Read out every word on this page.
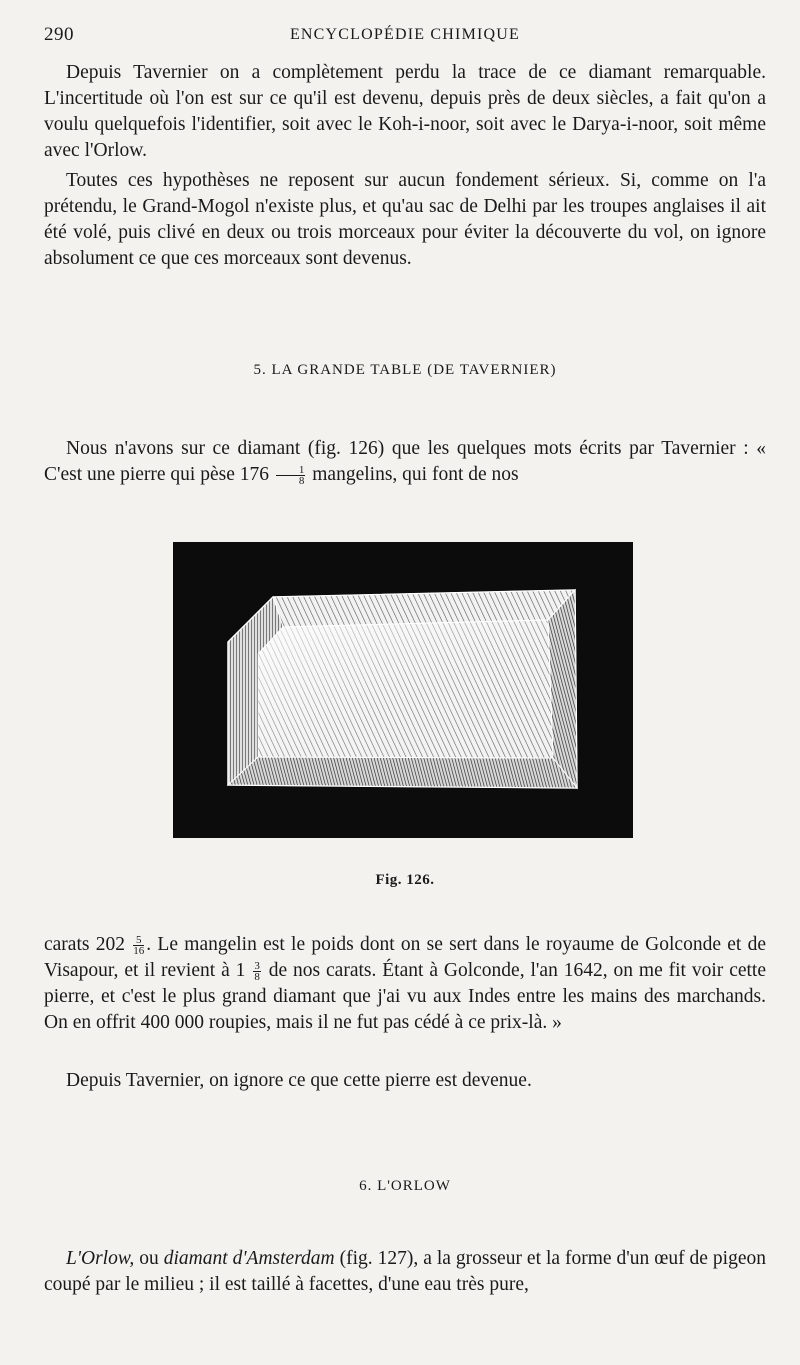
290	ENCYCLOPÉDIE CHIMIQUE

Depuis Tavernier on a complètement perdu la trace de ce diamant remarquable. L'incertitude où l'on est sur ce qu'il est devenu, depuis près de deux siècles, a fait qu'on a voulu quelquefois l'identifier, soit avec le Koh-i-noor, soit avec le Darya-i-noor, soit même avec l'Orlow.

Toutes ces hypothèses ne reposent sur aucun fondement sérieux. Si, comme on l'a prétendu, le Grand-Mogol n'existe plus, et qu'au sac de Delhi par les troupes anglaises il ait été volé, puis clivé en deux ou trois morceaux pour éviter la découverte du vol, on ignore absolument ce que ces morceaux sont devenus.

5. LA GRANDE TABLE (DE TAVERNIER)

Nous n'avons sur ce diamant (fig. 126) que les quelques mots écrits par Tavernier : « C'est une pierre qui pèse $176 \frac{1}{8}$ mangelins, qui font de nos

Fig. 126.

carats $202 \frac{5}{16}$ . Le mangelin est le poids dont on se sert dans le royaume de Golconde et de Visapour, et il revient à $1 \frac{3}{8}$ de nos carats. Étant à Golconde, l'an 1642, on me fit voir cette pierre, et c'est le plus grand diamant que j'ai vu aux Indes entre les mains des marchands. On en offrit 400 000 roupies, mais il ne fut pas cédé à ce prix-là. »

Depuis Tavernier, on ignore ce que cette pierre est devenue.

6. L'ORLOW

L'Orlow, ou diamant d'Amsterdam (fig. 127), a la grosseur et la forme d'un œuf de pigeon coupé par le milieu ; il est taillé à facettes, d'une eau très pure,
